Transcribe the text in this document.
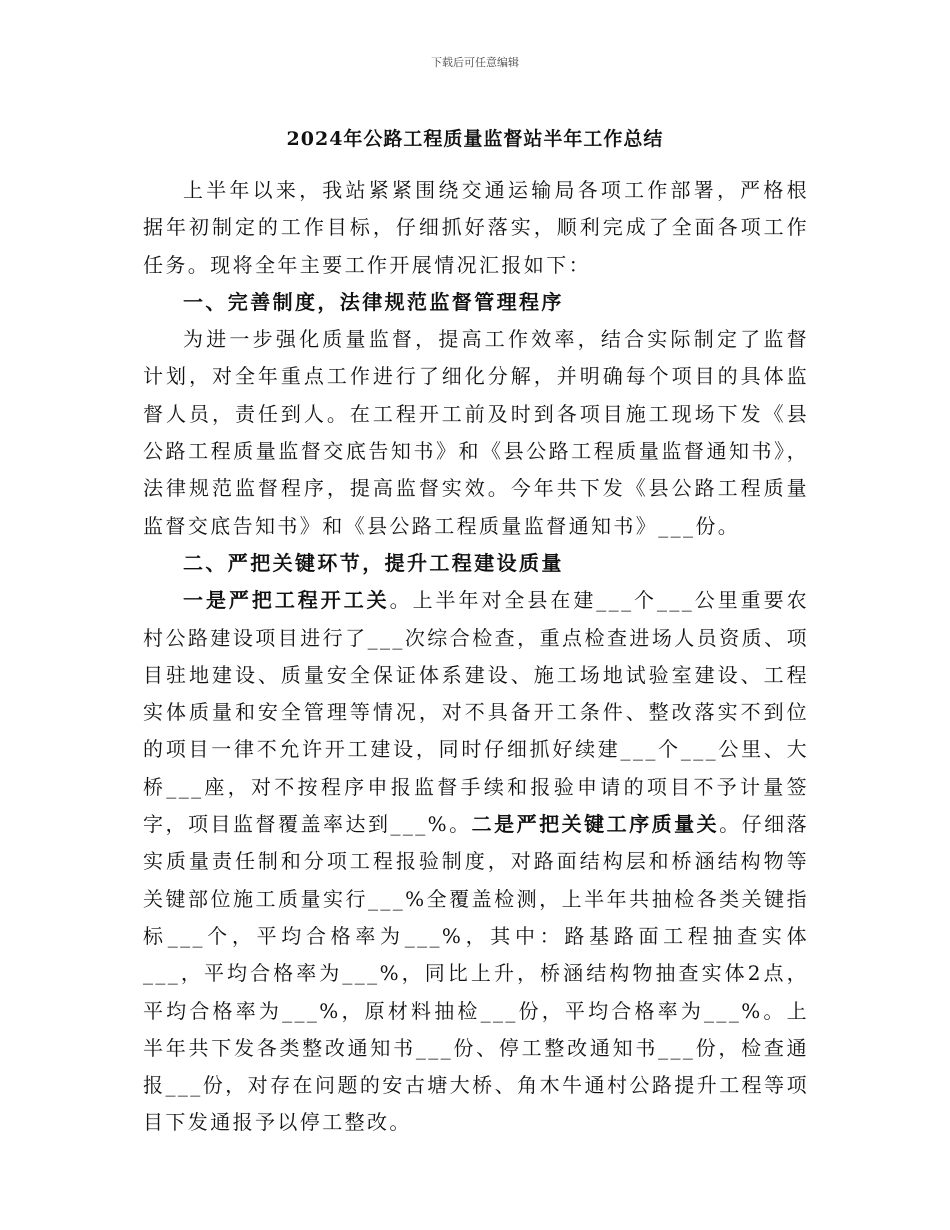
下载后可任意编辑
2024年公路工程质量监督站半年工作总结

上半年以来，我站紧紧围绕交通运输局各项工作部署，严格根据年初制定的工作目标，仔细抓好落实，顺利完成了全面各项工作任务。现将全年主要工作开展情况汇报如下：

一、完善制度，法律规范监督管理程序

为进一步强化质量监督，提高工作效率，结合实际制定了监督计划，对全年重点工作进行了细化分解，并明确每个项目的具体监督人员，责任到人。在工程开工前及时到各项目施工现场下发《县公路工程质量监督交底告知书》和《县公路工程质量监督通知书》，法律规范监督程序，提高监督实效。今年共下发《县公路工程质量监督交底告知书》和《县公路工程质量监督通知书》___份。

二、严把关键环节，提升工程建设质量

一是严把工程开工关。上半年对全县在建___个___公里重要农村公路建设项目进行了___次综合检查，重点检查进场人员资质、项目驻地建设、质量安全保证体系建设、施工场地试验室建设、工程实体质量和安全管理等情况，对不具备开工条件、整改落实不到位的项目一律不允许开工建设，同时仔细抓好续建___个___公里、大桥___座，对不按程序申报监督手续和报验申请的项目不予计量签字，项目监督覆盖率达到___%。二是严把关键工序质量关。仔细落实质量责任制和分项工程报验制度，对路面结构层和桥涵结构物等关键部位施工质量实行___%全覆盖检测，上半年共抽检各类关键指标___个，平均合格率为___%，其中：路基路面工程抽查实体___，平均合格率为___%，同比上升，桥涵结构物抽查实体2点，平均合格率为___%，原材料抽检___份，平均合格率为___%。上半年共下发各类整改通知书___份、停工整改通知书___份，检查通报___份，对存在问题的安古塘大桥、角木牛通村公路提升工程等项目下发通报予以停工整改。
